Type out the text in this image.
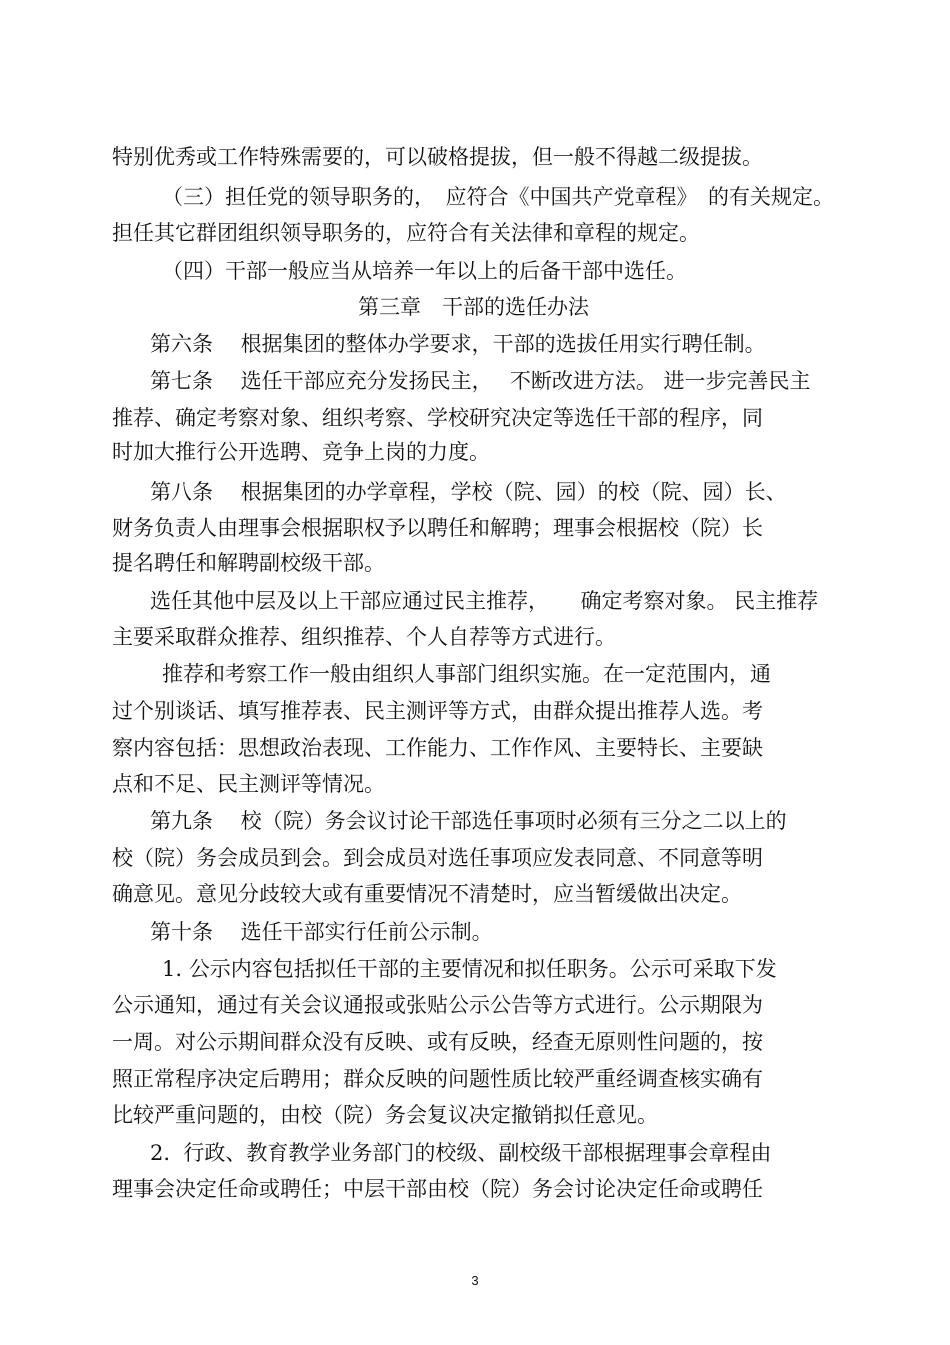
特别优秀或工作特殊需要的，可以破格提拔，但一般不得越二级提拔。
（三）担任党的领导职务的，　应符合《中国共产党章程》　的有关规定。
担任其它群团组织领导职务的，应符合有关法律和章程的规定。
（四）干部一般应当从培养一年以上的后备干部中选任。
第三章　干部的选任办法
第六条　 根据集团的整体办学要求，干部的选拔任用实行聘任制。
第七条　 选任干部应充分发扬民主，　 不断改进方法。 进一步完善民主
推荐、确定考察对象、组织考察、学校研究决定等选任干部的程序，同
时加大推行公开选聘、竞争上岗的力度。
第八条　 根据集团的办学章程，学校（院、园）的校（院、园）长、
财务负责人由理事会根据职权予以聘任和解聘；理事会根据校（院）长
提名聘任和解聘副校级干部。
选任其他中层及以上干部应通过民主推荐，　　确定考察对象。 民主推荐
主要采取群众推荐、组织推荐、个人自荐等方式进行。
推荐和考察工作一般由组织人事部门组织实施。在一定范围内，通
过个别谈话、填写推荐表、民主测评等方式，由群众提出推荐人选。考
察内容包括：思想政治表现、工作能力、工作作风、主要特长、主要缺
点和不足、民主测评等情况。
第九条　 校（院）务会议讨论干部选任事项时必须有三分之二以上的
校（院）务会成员到会。到会成员对选任事项应发表同意、不同意等明
确意见。意见分歧较大或有重要情况不清楚时，应当暂缓做出决定。
第十条　 选任干部实行任前公示制。
1. 公示内容包括拟任干部的主要情况和拟任职务。公示可采取下发
公示通知，通过有关会议通报或张贴公示公告等方式进行。公示期限为
一周。对公示期间群众没有反映、或有反映，经查无原则性问题的，按
照正常程序决定后聘用；群众反映的问题性质比较严重经调查核实确有
比较严重问题的，由校（院）务会复议决定撤销拟任意见。
2.  行政、教育教学业务部门的校级、副校级干部根据理事会章程由
理事会决定任命或聘任；中层干部由校（院）务会讨论决定任命或聘任
3
